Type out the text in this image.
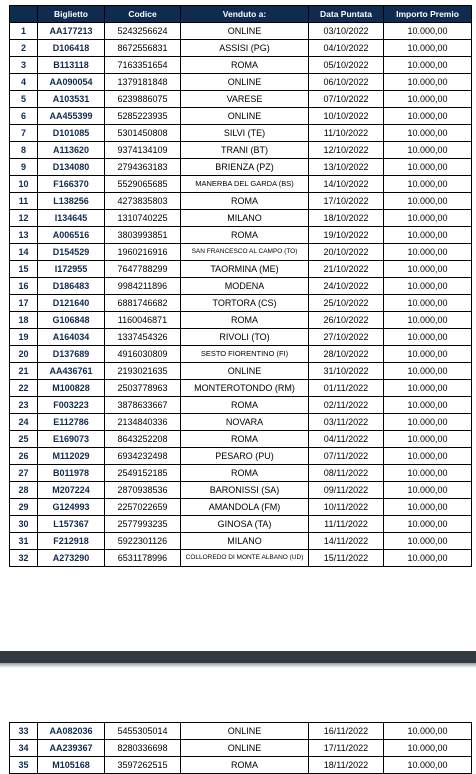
	Biglietto	Codice	Venduto a:	Data Puntata	Importo Premio
1	AA177213	5243256624	ONLINE	03/10/2022	10.000,00
2	D106418	8672556831	ASSISI (PG)	04/10/2022	10.000,00
3	B113118	7163351654	ROMA	05/10/2022	10.000,00
4	AA090054	1379181848	ONLINE	06/10/2022	10.000,00
5	A103531	6239886075	VARESE	07/10/2022	10.000,00
6	AA455399	5285223935	ONLINE	10/10/2022	10.000,00
7	D101085	5301450808	SILVI (TE)	11/10/2022	10.000,00
8	A113620	9374134109	TRANI (BT)	12/10/2022	10.000,00
9	D134080	2794363183	BRIENZA (PZ)	13/10/2022	10.000,00
10	F166370	5529065685	MANERBA DEL GARDA (BS)	14/10/2022	10.000,00
11	L138256	4273835803	ROMA	17/10/2022	10.000,00
12	I134645	1310740225	MILANO	18/10/2022	10.000,00
13	A006516	3803993851	ROMA	19/10/2022	10.000,00
14	D154529	1960216916	SAN FRANCESCO AL CAMPO (TO)	20/10/2022	10.000,00
15	I172955	7647788299	TAORMINA (ME)	21/10/2022	10.000,00
16	D186483	9984211896	MODENA	24/10/2022	10.000,00
17	D121640	6881746682	TORTORA (CS)	25/10/2022	10.000,00
18	G106848	1160046871	ROMA	26/10/2022	10.000,00
19	A164034	1337454326	RIVOLI (TO)	27/10/2022	10.000,00
20	D137689	4916030809	SESTO FIORENTINO (FI)	28/10/2022	10.000,00
21	AA436761	2193021635	ONLINE	31/10/2022	10.000,00
22	M100828	2503778963	MONTEROTONDO (RM)	01/11/2022	10.000,00
23	F003223	3878633667	ROMA	02/11/2022	10.000,00
24	E112786	2134840336	NOVARA	03/11/2022	10.000,00
25	E169073	8643252208	ROMA	04/11/2022	10.000,00
26	M112029	6934232498	PESARO (PU)	07/11/2022	10.000,00
27	B011978	2549152185	ROMA	08/11/2022	10.000,00
28	M207224	2870938536	BARONISSI (SA)	09/11/2022	10.000,00
29	G124993	2257022659	AMANDOLA (FM)	10/11/2022	10.000,00
30	L157367	2577993235	GINOSA (TA)	11/11/2022	10.000,00
31	F212918	5922301126	MILANO	14/11/2022	10.000,00
32	A273290	6531178996	COLLOREDO DI MONTE ALBANO (UD)	15/11/2022	10.000,00
33	AA082036	5455305014	ONLINE	16/11/2022	10.000,00
34	AA239367	8280336698	ONLINE	17/11/2022	10.000,00
35	M105168	3597262515	ROMA	18/11/2022	10.000,00
